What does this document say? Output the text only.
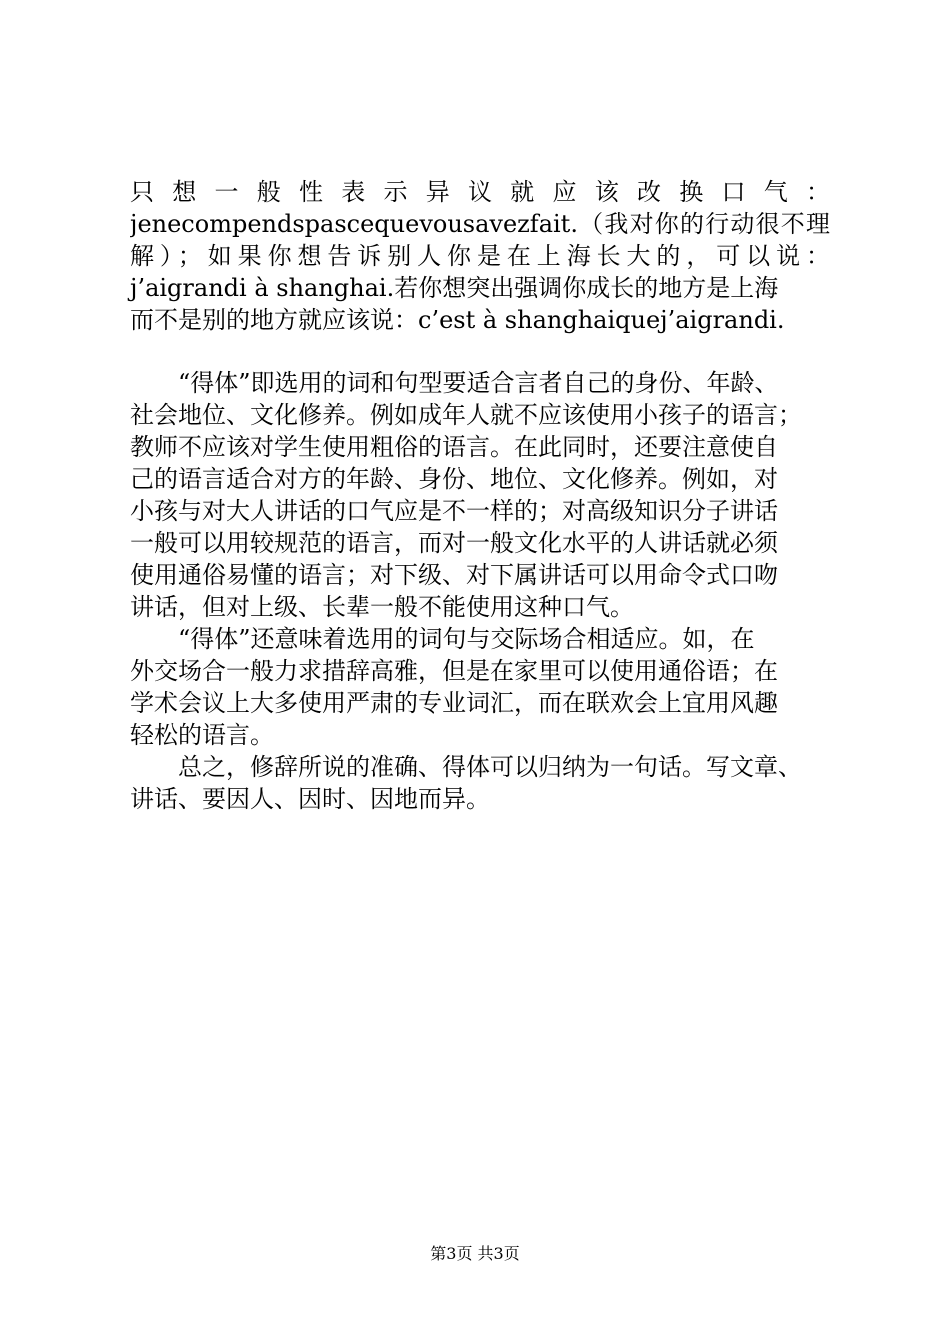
只 想 一 般 性 表 示 异 议 就 应 该 改 换 口 气 ：
jenecompendspascequevousavezfait.（我对你的行动很不理
解）；如果你想告诉别人你是在上海长大的，可以说：
j’aigrandi à shanghai.若你想突出强调你成长的地方是上海
而不是别的地方就应该说：c’est à shanghaiquej’aigrandi.
“得体”即选用的词和句型要适合言者自己的身份、年龄、
社会地位、文化修养。例如成年人就不应该使用小孩子的语言；
教师不应该对学生使用粗俗的语言。在此同时，还要注意使自
己的语言适合对方的年龄、身份、地位、文化修养。例如，对
小孩与对大人讲话的口气应是不一样的；对高级知识分子讲话
一般可以用较规范的语言，而对一般文化水平的人讲话就必须
使用通俗易懂的语言；对下级、对下属讲话可以用命令式口吻
讲话，但对上级、长辈一般不能使用这种口气。
“得体”还意味着选用的词句与交际场合相适应。如，在
外交场合一般力求措辞高雅，但是在家里可以使用通俗语；在
学术会议上大多使用严肃的专业词汇，而在联欢会上宜用风趣
轻松的语言。
总之，修辞所说的准确、得体可以归纳为一句话。写文章、
讲话、要因人、因时、因地而异。
第3页 共3页
